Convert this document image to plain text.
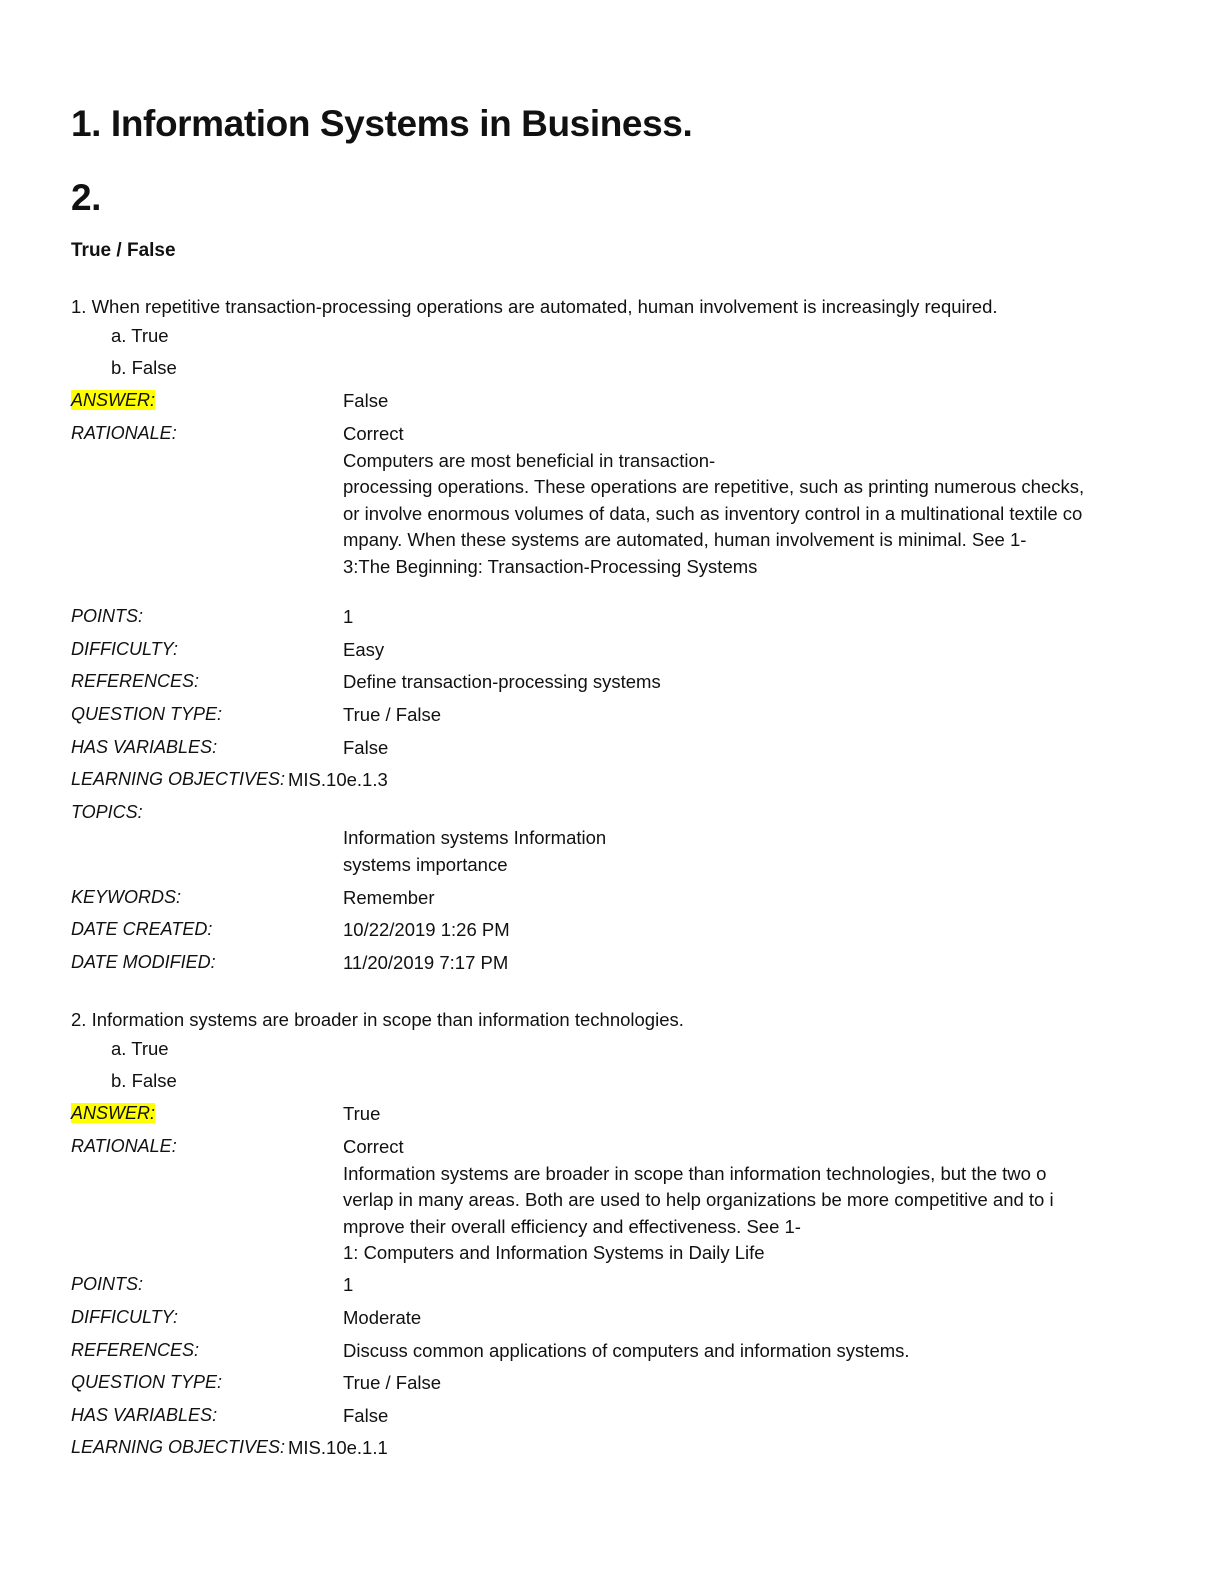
1. Information Systems in Business.
2.
True / False
1. When repetitive transaction-processing operations are automated, human involvement is increasingly required.
a. True
b. False
ANSWER:	False
RATIONALE:	Correct
Computers are most beneficial in transaction-
processing operations. These operations are repetitive, such as printing numerous checks,
or involve enormous volumes of data, such as inventory control in a multinational textile co
mpany. When these systems are automated, human involvement is minimal. See 1-
3:The Beginning: Transaction-Processing Systems
POINTS:	1
DIFFICULTY:	Easy
REFERENCES:	Define transaction-processing systems
QUESTION TYPE:	True / False
HAS VARIABLES:	False
LEARNING OBJECTIVES: MIS.10e.1.3
TOPICS:
Information systems Information
systems importance
KEYWORDS:	Remember
DATE CREATED:	10/22/2019 1:26 PM
DATE MODIFIED:	11/20/2019 7:17 PM
2. Information systems are broader in scope than information technologies.
a. True
b. False
ANSWER:	True
RATIONALE:	Correct
Information systems are broader in scope than information technologies, but the two o
verlap in many areas. Both are used to help organizations be more competitive and to i
mprove their overall efficiency and effectiveness. See 1-
1: Computers and Information Systems in Daily Life
POINTS:	1
DIFFICULTY:	Moderate
REFERENCES:	Discuss common applications of computers and information systems.
QUESTION TYPE:	True / False
HAS VARIABLES:	False
LEARNING OBJECTIVES: MIS.10e.1.1
